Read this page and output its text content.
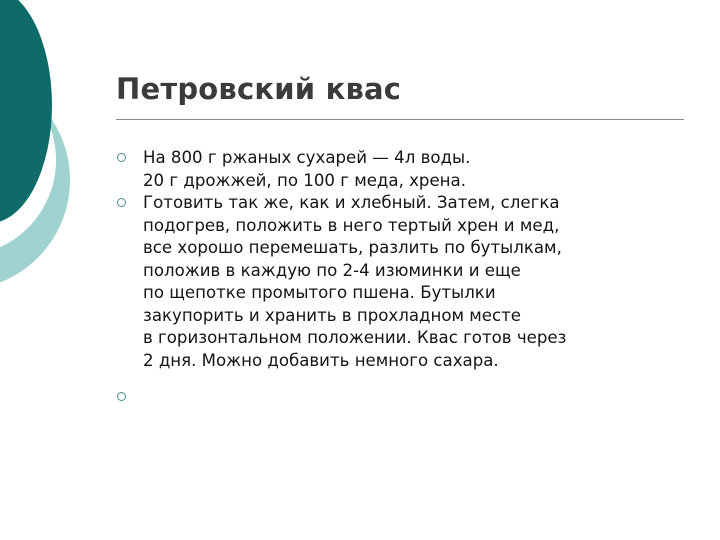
Петровский квас
На 800 г ржаных сухарей — 4л воды.
20 г дрожжей, по 100 г меда, хрена.
Готовить так же, как и хлебный. Затем, слегка
подогрев, положить в него тертый хрен и мед,
все хорошо перемешать, разлить по бутылкам,
положив в каждую по 2-4 изюминки и еще
по щепотке промытого пшена. Бутылки
закупорить и хранить в прохладном месте
в горизонтальном положении. Квас готов через
2 дня. Можно добавить немного сахара.
